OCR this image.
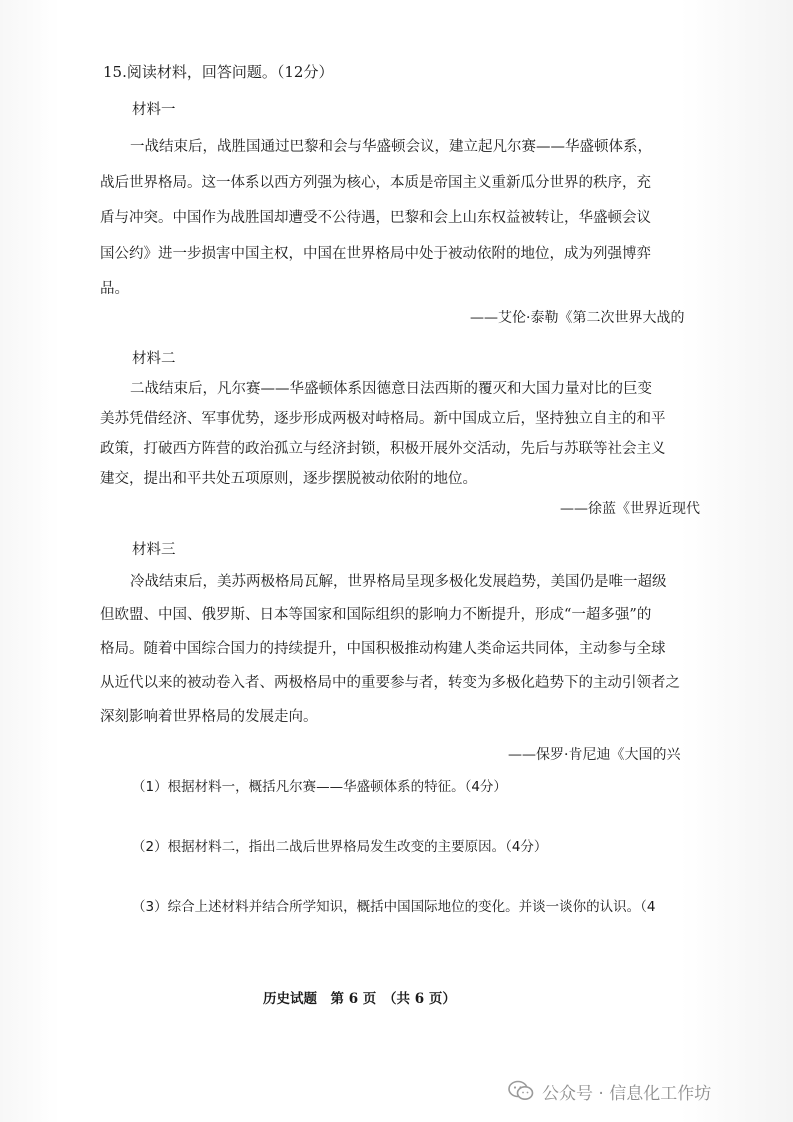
15.阅读材料，回答问题。（12分）
材料一
一战结束后，战胜国通过巴黎和会与华盛顿会议，建立起凡尔赛——华盛顿体系，
战后世界格局。这一体系以西方列强为核心，本质是帝国主义重新瓜分世界的秩序，充
盾与冲突。中国作为战胜国却遭受不公待遇，巴黎和会上山东权益被转让，华盛顿会议
国公约》进一步损害中国主权，中国在世界格局中处于被动依附的地位，成为列强博弈
品。
——艾伦·泰勒《第二次世界大战的
材料二
二战结束后，凡尔赛——华盛顿体系因德意日法西斯的覆灭和大国力量对比的巨变
美苏凭借经济、军事优势，逐步形成两极对峙格局。新中国成立后，坚持独立自主的和平
政策，打破西方阵营的政治孤立与经济封锁，积极开展外交活动，先后与苏联等社会主义
建交，提出和平共处五项原则，逐步摆脱被动依附的地位。
——徐蓝《世界近现代
材料三
冷战结束后，美苏两极格局瓦解，世界格局呈现多极化发展趋势，美国仍是唯一超级
但欧盟、中国、俄罗斯、日本等国家和国际组织的影响力不断提升，形成“一超多强”的
格局。随着中国综合国力的持续提升，中国积极推动构建人类命运共同体，主动参与全球
从近代以来的被动卷入者、两极格局中的重要参与者，转变为多极化趋势下的主动引领者之
深刻影响着世界格局的发展走向。
——保罗·肯尼迪《大国的兴
（1）根据材料一，概括凡尔赛——华盛顿体系的特征。（4分）
（2）根据材料二，指出二战后世界格局发生改变的主要原因。（4分）
（3）综合上述材料并结合所学知识，概括中国国际地位的变化。并谈一谈你的认识。（4
历史试题　第 6 页　（共 6 页）
公众号 · 信息化工作坊
